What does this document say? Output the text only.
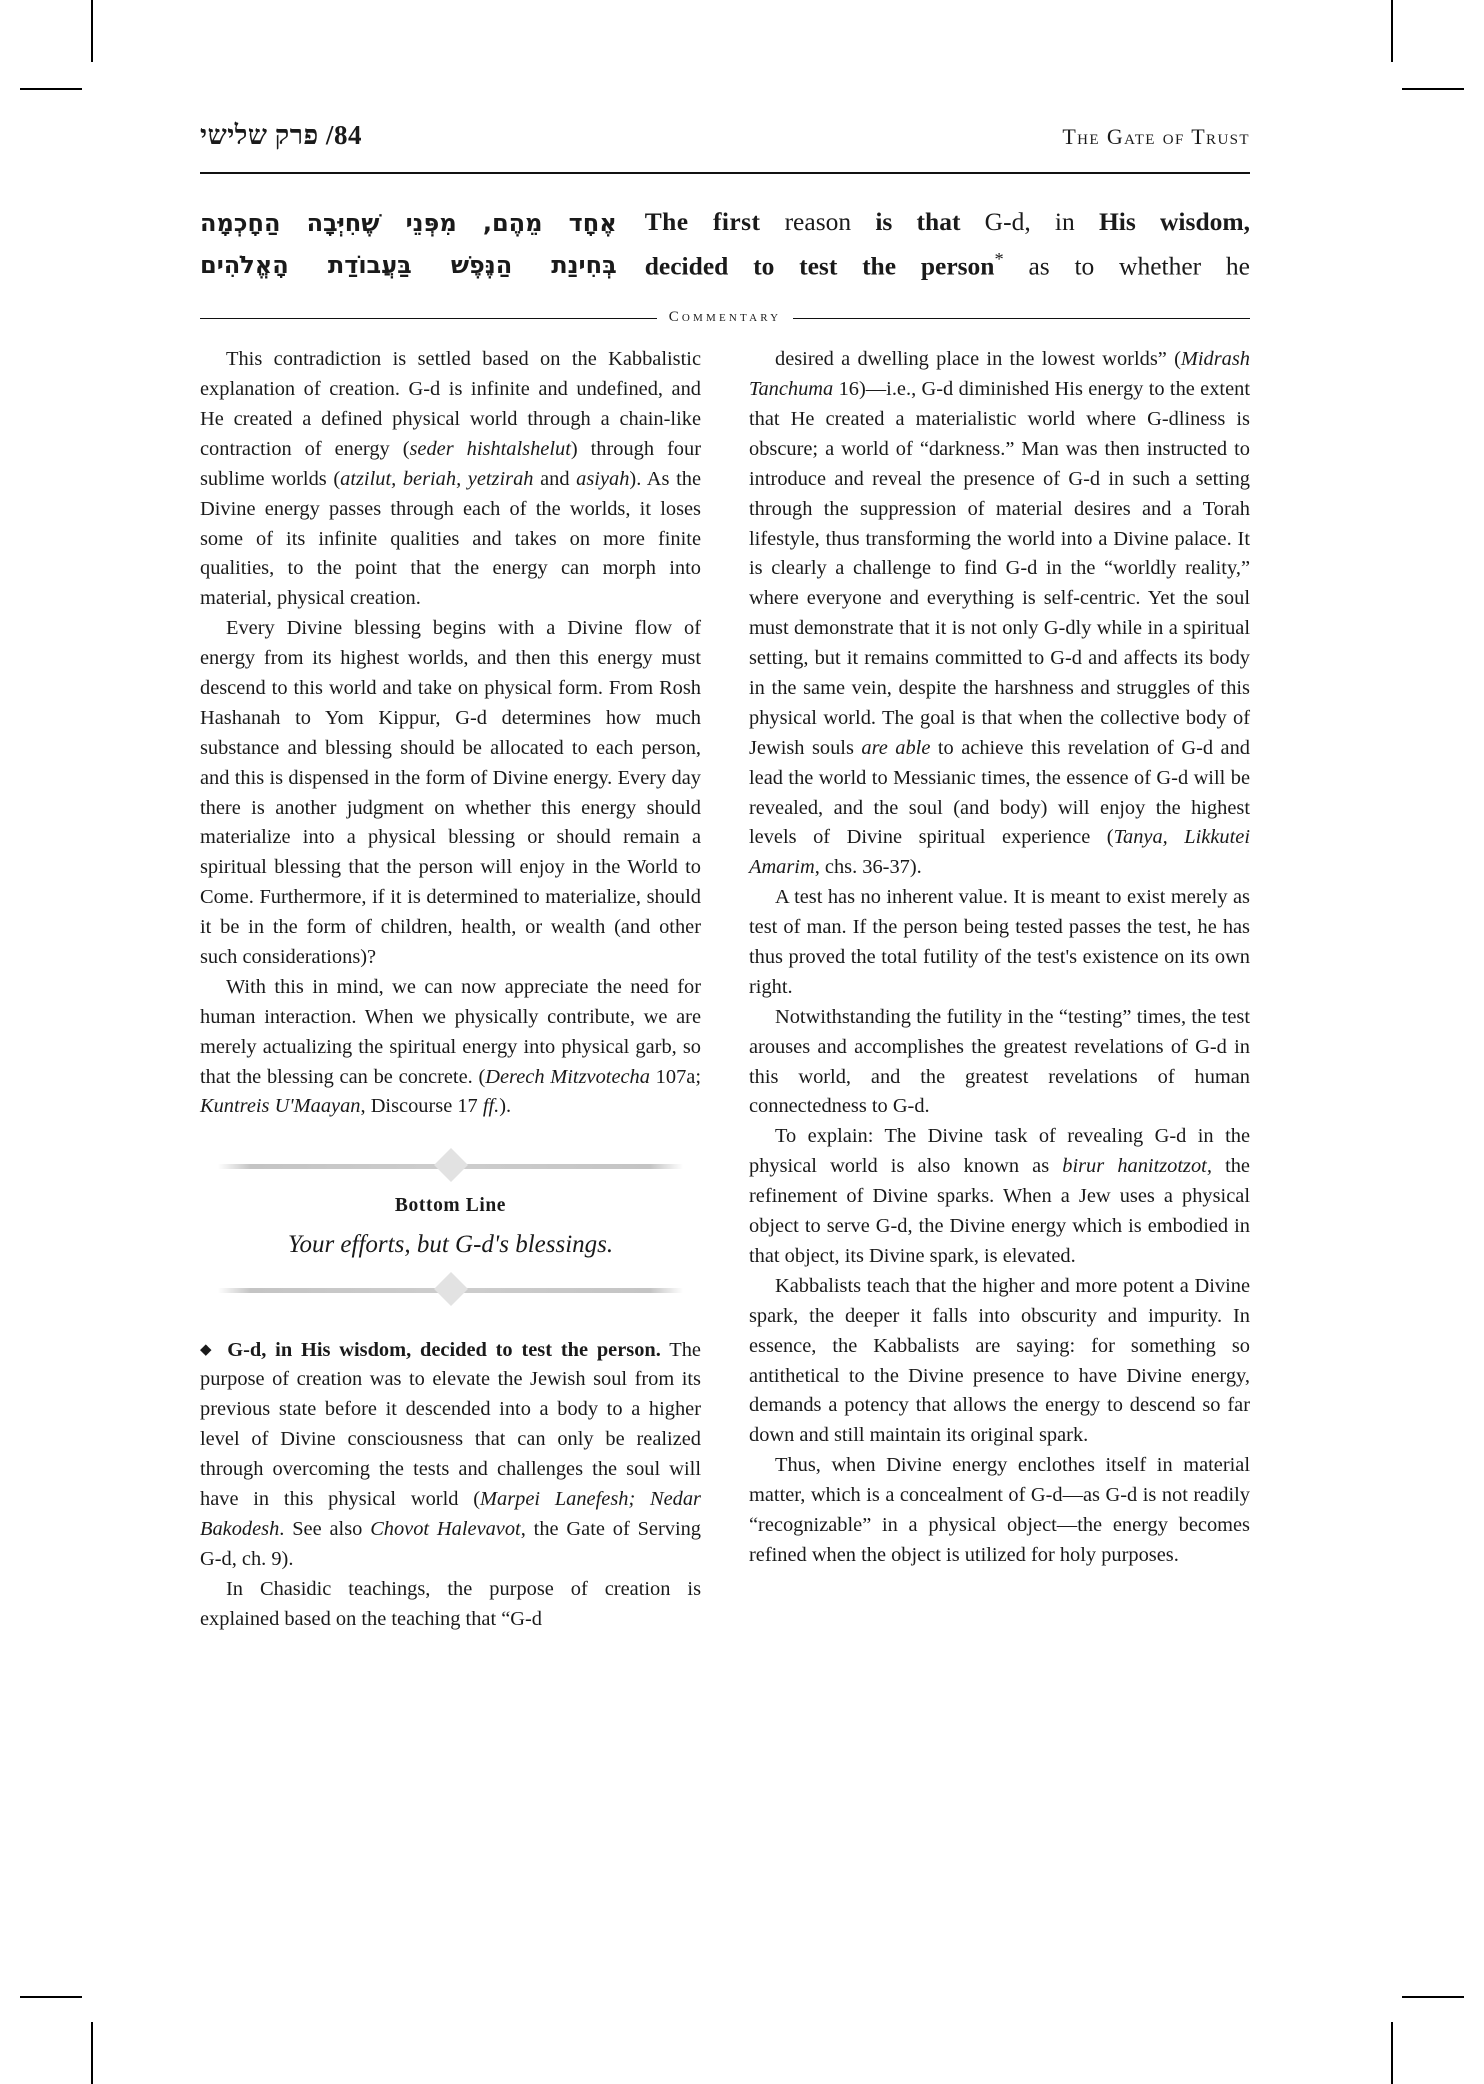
84/ פרק שלישי	The Gate of Trust
אֶחָד מֵהֶם, מִפְּנֵי שֶׁחִיְּבָה הַחָכְמָה
בְּחִינַת הַנֶּפֶשׁ בַּעֲבוֹדַת הָאֱלֹהִים
The first reason is that G-d, in His wisdom,
decided to test the person* as to whether he
Commentary

This contradiction is settled based on the Kabbalistic explanation of creation. G-d is infinite and undefined, and He created a defined physical world through a chain-like contraction of energy (seder hishtalshelut) through four sublime worlds (atzilut, beriah, yetzirah and asiyah). As the Divine energy passes through each of the worlds, it loses some of its infinite qualities and takes on more finite qualities, to the point that the energy can morph into material, physical creation.

Every Divine blessing begins with a Divine flow of energy from its highest worlds, and then this energy must descend to this world and take on physical form. From Rosh Hashanah to Yom Kippur, G-d determines how much substance and blessing should be allocated to each person, and this is dispensed in the form of Divine energy. Every day there is another judgment on whether this energy should materialize into a physical blessing or should remain a spiritual blessing that the person will enjoy in the World to Come. Furthermore, if it is determined to materialize, should it be in the form of children, health, or wealth (and other such considerations)?

With this in mind, we can now appreciate the need for human interaction. When we physically contribute, we are merely actualizing the spiritual energy into physical garb, so that the blessing can be concrete. (Derech Mitzvotecha 107a; Kuntreis U'Maayan, Discourse 17 ff.).

Bottom Line
Your efforts, but G-d's blessings.

◆ G-d, in His wisdom, decided to test the person. The purpose of creation was to elevate the Jewish soul from its previous state before it descended into a body to a higher level of Divine consciousness that can only be realized through overcoming the tests and challenges the soul will have in this physical world (Marpei Lanefesh; Nedar Bakodesh. See also Chovot Halevavot, the Gate of Serving G-d, ch. 9).

In Chasidic teachings, the purpose of creation is explained based on the teaching that “G-d

desired a dwelling place in the lowest worlds” (Midrash Tanchuma 16)—i.e., G-d diminished His energy to the extent that He created a materialistic world where G-dliness is obscure; a world of “darkness.” Man was then instructed to introduce and reveal the presence of G-d in such a setting through the suppression of material desires and a Torah lifestyle, thus transforming the world into a Divine palace. It is clearly a challenge to find G-d in the “worldly reality,” where everyone and everything is self-centric. Yet the soul must demonstrate that it is not only G-dly while in a spiritual setting, but it remains committed to G-d and affects its body in the same vein, despite the harshness and struggles of this physical world. The goal is that when the collective body of Jewish souls are able to achieve this revelation of G-d and lead the world to Messianic times, the essence of G-d will be revealed, and the soul (and body) will enjoy the highest levels of Divine spiritual experience (Tanya, Likkutei Amarim, chs. 36-37).

A test has no inherent value. It is meant to exist merely as test of man. If the person being tested passes the test, he has thus proved the total futility of the test's existence on its own right.

Notwithstanding the futility in the “testing” times, the test arouses and accomplishes the greatest revelations of G-d in this world, and the greatest revelations of human connectedness to G-d.

To explain: The Divine task of revealing G-d in the physical world is also known as birur hanitzotzot, the refinement of Divine sparks. When a Jew uses a physical object to serve G-d, the Divine energy which is embodied in that object, its Divine spark, is elevated.

Kabbalists teach that the higher and more potent a Divine spark, the deeper it falls into obscurity and impurity. In essence, the Kabbalists are saying: for something so antithetical to the Divine presence to have Divine energy, demands a potency that allows the energy to descend so far down and still maintain its original spark.

Thus, when Divine energy enclothes itself in material matter, which is a concealment of G-d—as G-d is not readily “recognizable” in a physical object—the energy becomes refined when the object is utilized for holy purposes.
